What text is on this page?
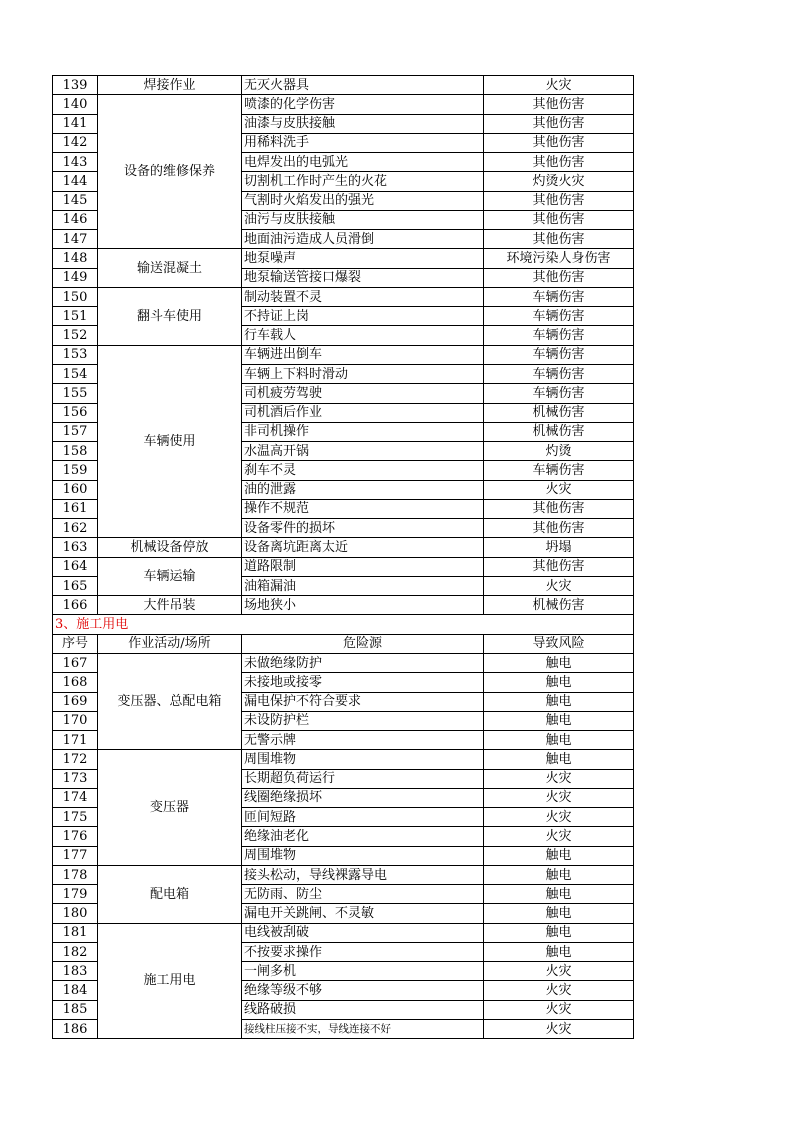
139	焊接作业	无灭火器具	火灾
140	设备的维修保养	喷漆的化学伤害	其他伤害
141		油漆与皮肤接触	其他伤害
142		用稀料洗手	其他伤害
143		电焊发出的电弧光	其他伤害
144		切割机工作时产生的火花	灼烫火灾
145		气割时火焰发出的强光	其他伤害
146		油污与皮肤接触	其他伤害
147		地面油污造成人员滑倒	其他伤害
148	输送混凝土	地泵噪声	环境污染人身伤害
149		地泵输送管接口爆裂	其他伤害
150	翻斗车使用	制动装置不灵	车辆伤害
151		不持证上岗	车辆伤害
152		行车载人	车辆伤害
153	车辆使用	车辆进出倒车	车辆伤害
154		车辆上下料时滑动	车辆伤害
155		司机疲劳驾驶	车辆伤害
156		司机酒后作业	机械伤害
157		非司机操作	机械伤害
158		水温高开锅	灼烫
159		刹车不灵	车辆伤害
160		油的泄露	火灾
161		操作不规范	其他伤害
162		设备零件的损坏	其他伤害
163	机械设备停放	设备离坑距离太近	坍塌
164	车辆运输	道路限制	其他伤害
165		油箱漏油	火灾
166	大件吊装	场地狭小	机械伤害
3、施工用电			
序号	作业活动/场所	危险源	导致风险
167	变压器、总配电箱	未做绝缘防护	触电
168		未接地或接零	触电
169		漏电保护不符合要求	触电
170		未设防护栏	触电
171		无警示牌	触电
172	变压器	周围堆物	触电
173		长期超负荷运行	火灾
174		线圈绝缘损坏	火灾
175		匝间短路	火灾
176		绝缘油老化	火灾
177		周围堆物	触电
178	配电箱	接头松动，导线裸露导电	触电
179		无防雨、防尘	触电
180		漏电开关跳闸、不灵敏	触电
181	施工用电	电线被刮破	触电
182		不按要求操作	触电
183		一闸多机	火灾
184		绝缘等级不够	火灾
185		线路破损	火灾
186		接线柱压接不实，导线连接不好	火灾
